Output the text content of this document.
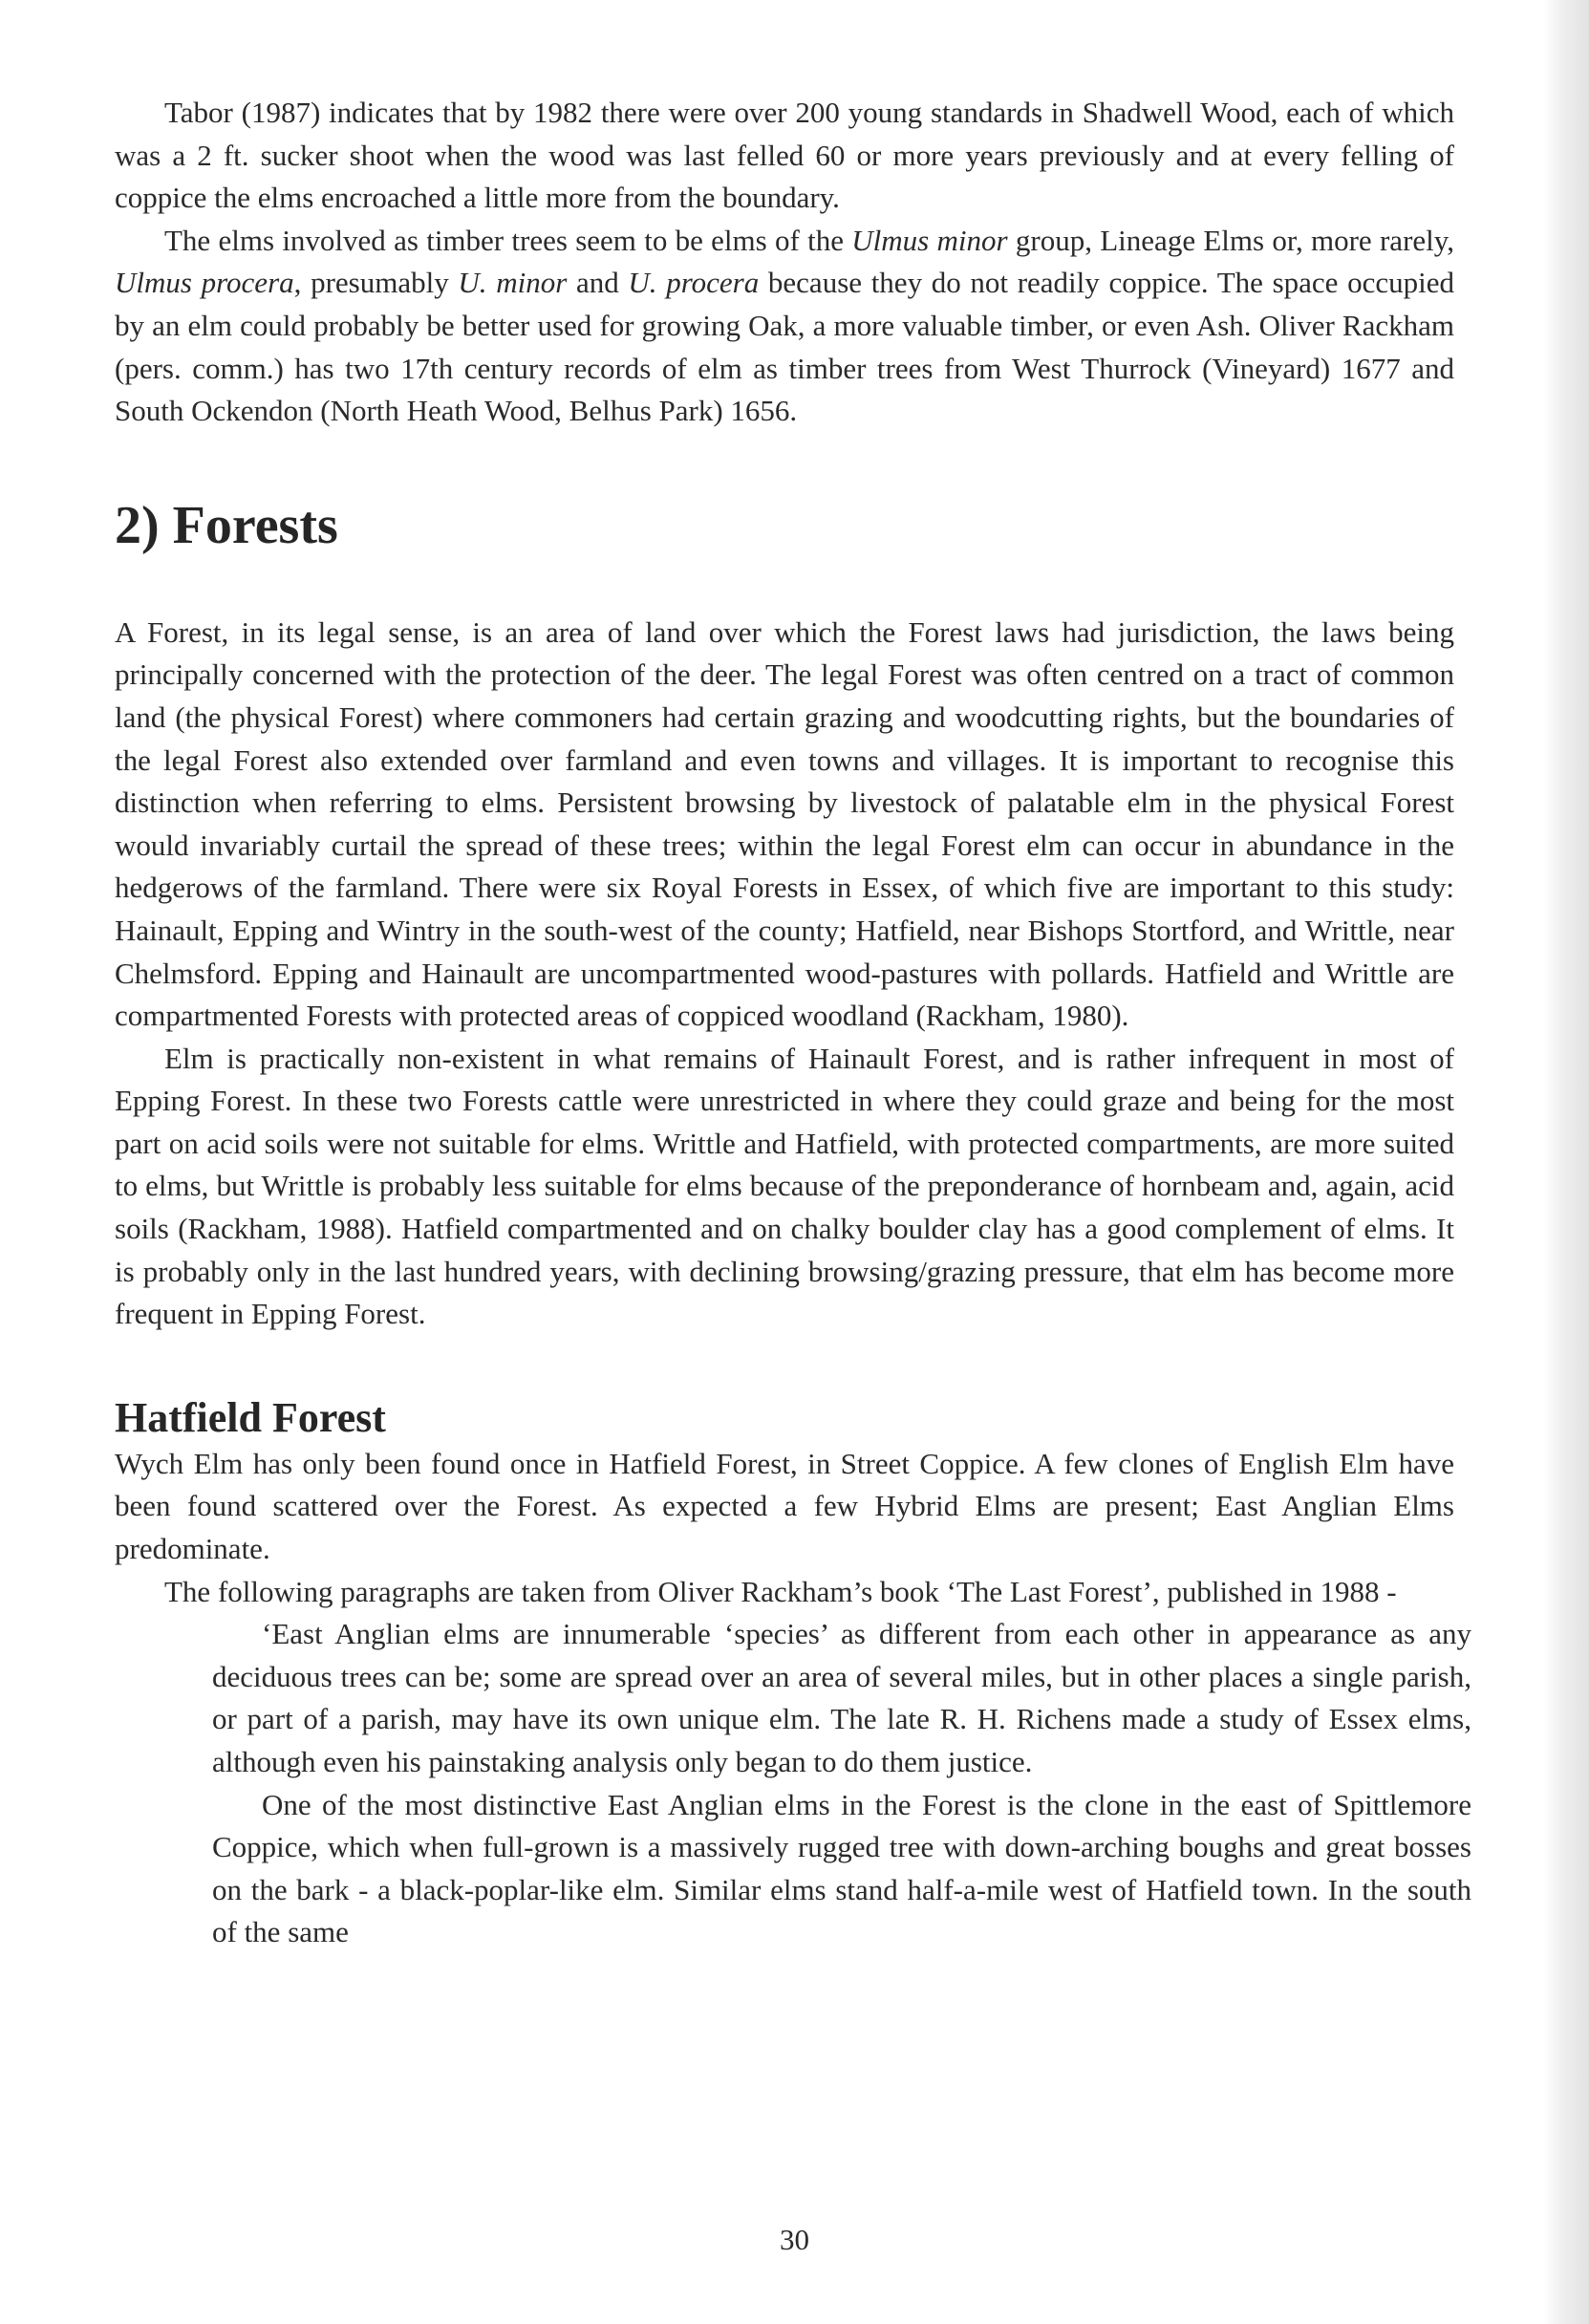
Tabor (1987) indicates that by 1982 there were over 200 young standards in Shadwell Wood, each of which was a 2 ft. sucker shoot when the wood was last felled 60 or more years previously and at every felling of coppice the elms encroached a little more from the boundary.

The elms involved as timber trees seem to be elms of the Ulmus minor group, Lineage Elms or, more rarely, Ulmus procera, presumably U. minor and U. procera because they do not readily coppice. The space occupied by an elm could probably be better used for growing Oak, a more valuable timber, or even Ash. Oliver Rackham (pers. comm.) has two 17th century records of elm as timber trees from West Thurrock (Vineyard) 1677 and South Ockendon (North Heath Wood, Belhus Park) 1656.

2) Forests

A Forest, in its legal sense, is an area of land over which the Forest laws had jurisdiction, the laws being principally concerned with the protection of the deer. The legal Forest was often centred on a tract of common land (the physical Forest) where commoners had certain grazing and woodcutting rights, but the boundaries of the legal Forest also extended over farmland and even towns and villages. It is important to recognise this distinction when referring to elms. Persistent browsing by livestock of palatable elm in the physical Forest would invariably curtail the spread of these trees; within the legal Forest elm can occur in abundance in the hedgerows of the farmland. There were six Royal Forests in Essex, of which five are important to this study: Hainault, Epping and Wintry in the south-west of the county; Hatfield, near Bishops Stortford, and Writtle, near Chelmsford. Epping and Hainault are uncompartmented wood-pastures with pollards. Hatfield and Writtle are compartmented Forests with protected areas of coppiced woodland (Rackham, 1980).

Elm is practically non-existent in what remains of Hainault Forest, and is rather infrequent in most of Epping Forest. In these two Forests cattle were unrestricted in where they could graze and being for the most part on acid soils were not suitable for elms. Writtle and Hatfield, with protected compartments, are more suited to elms, but Writtle is probably less suitable for elms because of the preponderance of hornbeam and, again, acid soils (Rackham, 1988). Hatfield compartmented and on chalky boulder clay has a good complement of elms. It is probably only in the last hundred years, with declining browsing/grazing pressure, that elm has become more frequent in Epping Forest.

Hatfield Forest

Wych Elm has only been found once in Hatfield Forest, in Street Coppice. A few clones of English Elm have been found scattered over the Forest. As expected a few Hybrid Elms are present; East Anglian Elms predominate.

The following paragraphs are taken from Oliver Rackham’s book ‘The Last Forest’, published in 1988 -

‘East Anglian elms are innumerable ‘species’ as different from each other in appearance as any deciduous trees can be; some are spread over an area of several miles, but in other places a single parish, or part of a parish, may have its own unique elm. The late R. H. Richens made a study of Essex elms, although even his painstaking analysis only began to do them justice.

One of the most distinctive East Anglian elms in the Forest is the clone in the east of Spittlemore Coppice, which when full-grown is a massively rugged tree with down-arching boughs and great bosses on the bark - a black-poplar-like elm. Similar elms stand half-a-mile west of Hatfield town. In the south of the same

30
